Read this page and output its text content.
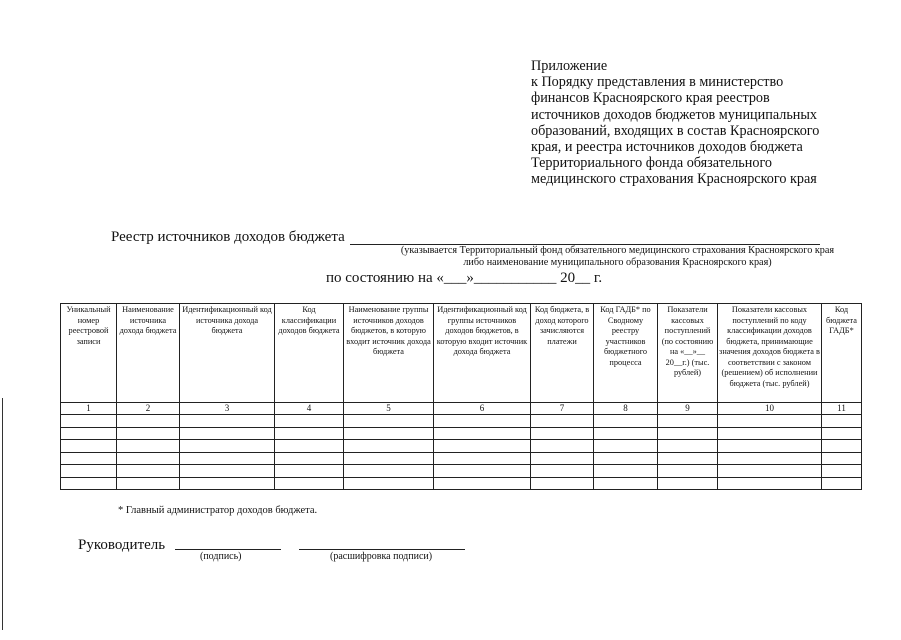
Приложение
к Порядку представления в министерство
финансов Красноярского края реестров
источников доходов бюджетов муниципальных
образований, входящих в состав Красноярского
края, и реестра источников доходов бюджета
Территориального фонда обязательного
медицинского страхования Красноярского края
Реестр источников доходов бюджета
(указывается Территориальный фонд обязательного медицинского страхования Красноярского края
либо наименование муниципального образования Красноярского края)
по состоянию на «___»___________ 20__ г.
Уникальный номер реестровой записи	Наименование источника дохода бюджета	Идентификационный код источника дохода бюджета	Код классификации доходов бюджета	Наименование группы источников доходов бюджетов, в которую входит источник дохода бюджета	Идентификационный код группы источников доходов бюджетов, в которую входит источник дохода бюджета	Код бюджета, в доход которого зачисляются платежи	Код ГАДБ* по Сводному реестру участников бюджетного процесса	Показатели кассовых поступлений (по состоянию на «__»__ 20__г.) (тыс. рублей)	Показатели кассовых поступлений по коду классификации доходов бюджета, принимающие значения доходов бюджета в соответствии с законом (решением) об исполнении бюджета (тыс. рублей)	Код бюджета ГАДБ*
1	2	3	4	5	6	7	8	9	10	11

* Главный администратор доходов бюджета.
Руководитель
(подпись)	(расшифровка подписи)
